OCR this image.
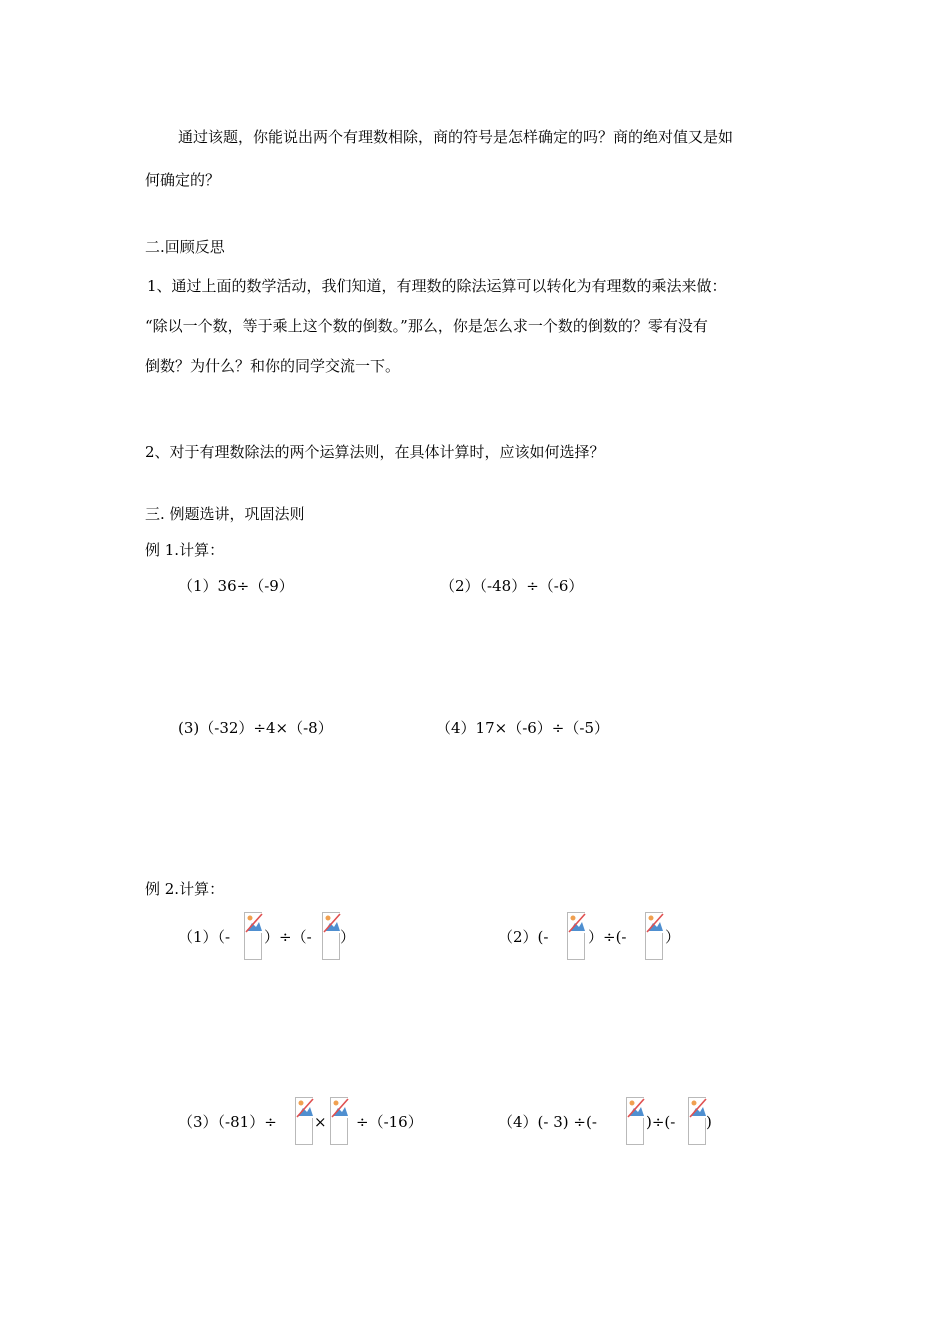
通过该题，你能说出两个有理数相除，商的符号是怎样确定的吗？商的绝对值又是如
何确定的？
二.回顾反思
1、通过上面的数学活动，我们知道，有理数的除法运算可以转化为有理数的乘法来做：
“除以一个数，等于乘上这个数的倒数。”那么，你是怎么求一个数的倒数的？零有没有
倒数？为什么？和你的同学交流一下。
2、对于有理数除法的两个运算法则，在具体计算时，应该如何选择？
三. 例题选讲，巩固法则
例 1.计算：
（1）36÷（-9）	（2）（-48）÷（-6）
(3)（-32）÷4×（-8）	（4）17×（-6）÷（-5）
例 2.计算：
（1）（- ）÷（- ）	（2）(-	）÷(-	）
（3）（-81）÷ × ÷（-16）	（4）(- 3) ÷(-	)÷(- )
